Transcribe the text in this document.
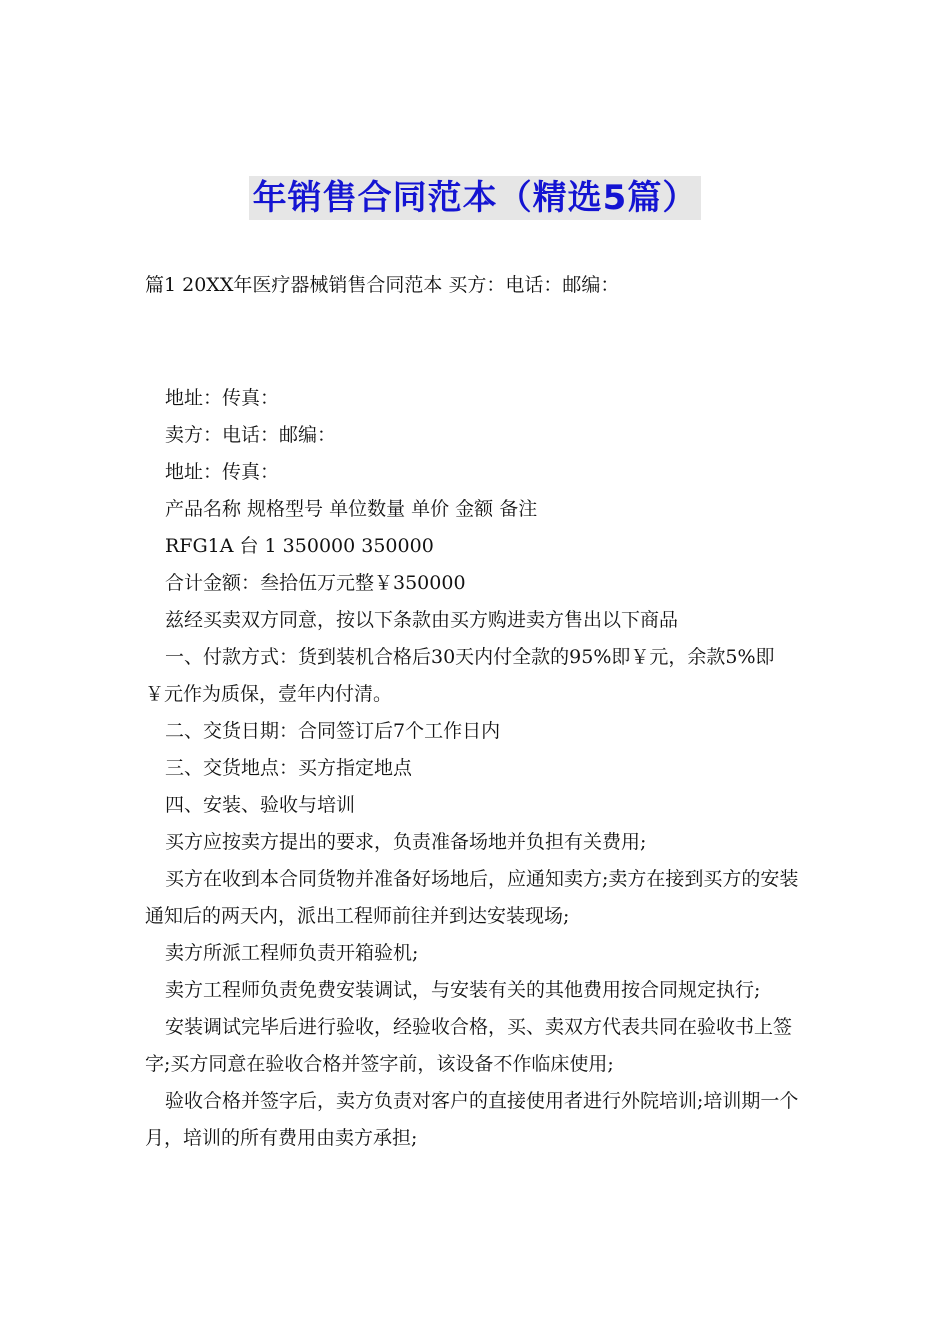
年销售合同范本（精选5篇）
篇1 20XX年医疗器械销售合同范本 买方：电话：邮编：

地址：传真：

卖方：电话：邮编：

地址：传真：

产品名称 规格型号 单位数量 单价 金额 备注

RFG1A 台 1 350000 350000

合计金额：叁拾伍万元整￥350000

兹经买卖双方同意，按以下条款由买方购进卖方售出以下商品

一、付款方式：货到装机合格后30天内付全款的95%即￥元，余款5%即￥元作为质保，壹年内付清。

二、交货日期：合同签订后7个工作日内

三、交货地点：买方指定地点

四、安装、验收与培训

买方应按卖方提出的要求，负责准备场地并负担有关费用;

买方在收到本合同货物并准备好场地后，应通知卖方;卖方在接到买方的安装通知后的两天内，派出工程师前往并到达安装现场;

卖方所派工程师负责开箱验机;

卖方工程师负责免费安装调试，与安装有关的其他费用按合同规定执行;

安装调试完毕后进行验收，经验收合格，买、卖双方代表共同在验收书上签字;买方同意在验收合格并签字前，该设备不作临床使用;

验收合格并签字后，卖方负责对客户的直接使用者进行外院培训;培训期一个月，培训的所有费用由卖方承担;
